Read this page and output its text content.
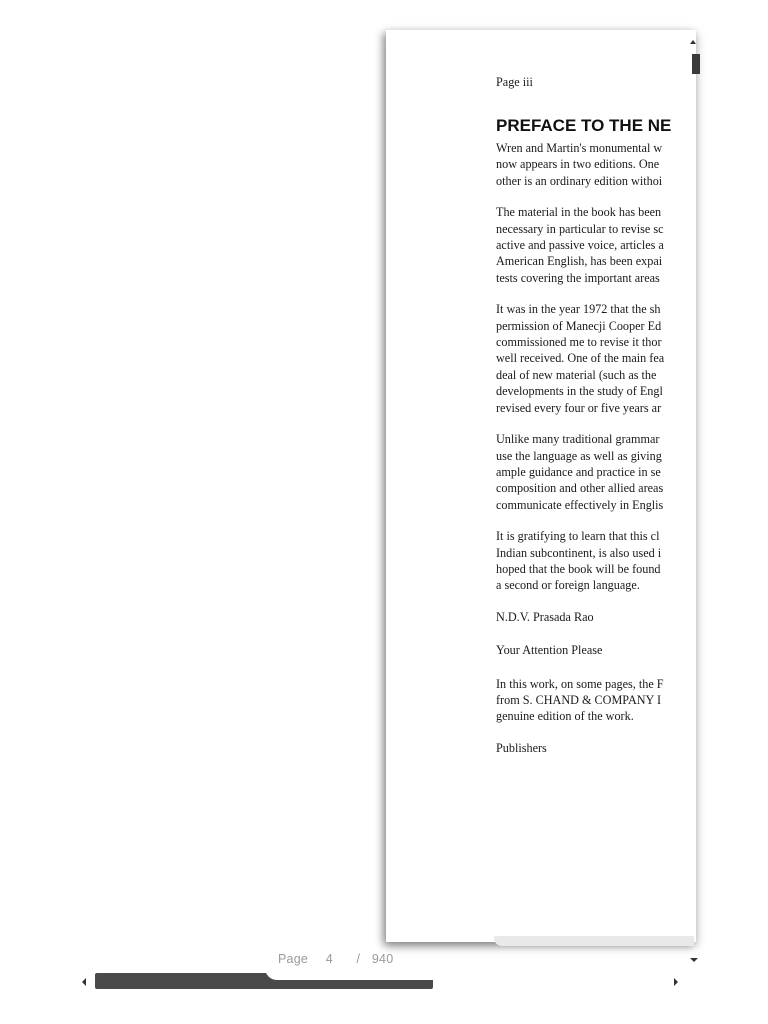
Page iii
PREFACE TO THE NE
Wren and Martin's monumental w
now appears in two editions. One
other is an ordinary edition withoi
The material in the book has been
necessary in particular to revise sc
active and passive voice, articles a
American English, has been expai
tests covering the important areas
It was in the year 1972 that the sh
permission of Manecji Cooper Ed
commissioned me to revise it thor
well received. One of the main fea
deal of new material (such as the
developments in the study of Engl
revised every four or five years ar
Unlike many traditional grammar
use the language as well as giving
ample guidance and practice in se
composition and other allied areas
communicate effectively in Englis
It is gratifying to learn that this cl
Indian subcontinent, is also used i
hoped that the book will be found
a second or foreign language.
N.D.V. Prasada Rao
Your Attention Please
In this work, on some pages, the F
from S. CHAND & COMPANY I
genuine edition of the work.
Publishers
Page 4 / 940
